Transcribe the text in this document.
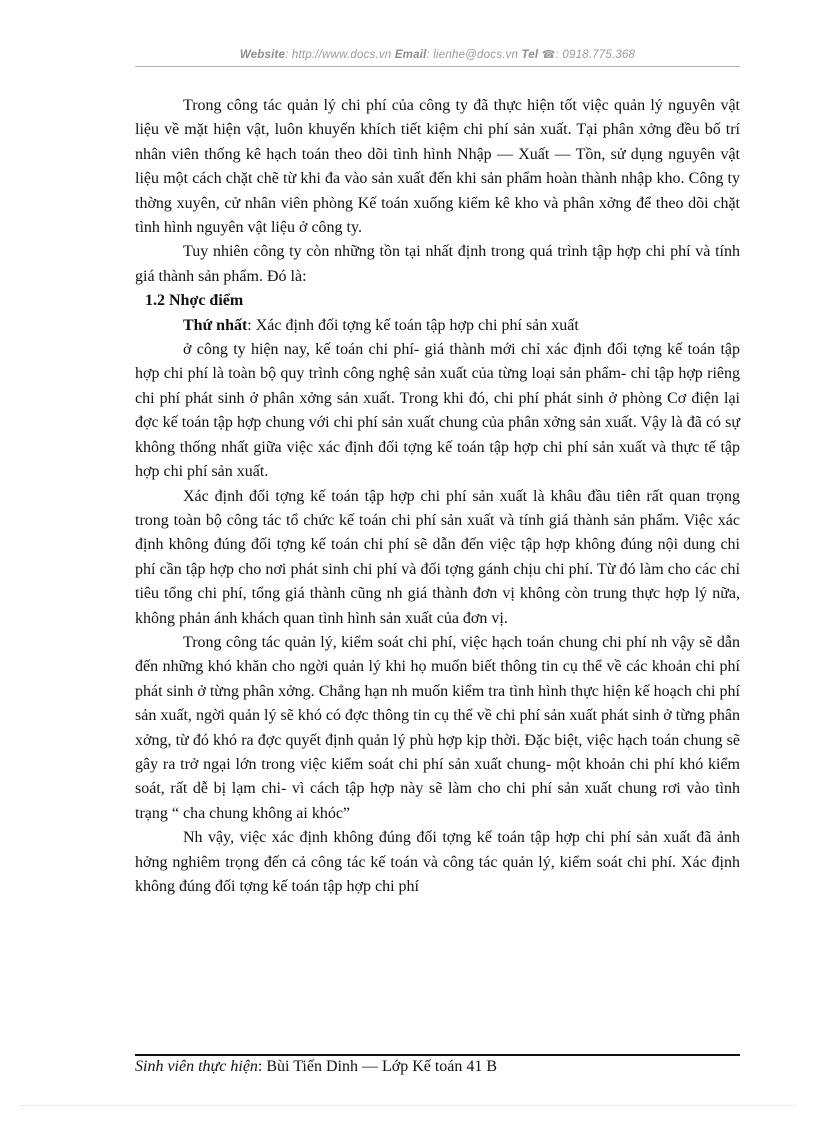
Website: http://www.docs.vn Email: lienhe@docs.vn Tel ☎: 0918.775.368

Trong công tác quản lý chi phí của công ty đã thực hiện tốt việc quản lý nguyên vật liệu về mặt hiện vật, luôn khuyến khích tiết kiệm chi phí sản xuất. Tại phân xởng đều bố trí nhân viên thống kê hạch toán theo dõi tình hình Nhập — Xuất — Tồn, sử dụng nguyên vật liệu một cách chặt chẽ từ khi đa vào sản xuất đến khi sản phẩm hoàn thành nhập kho. Công ty thờng xuyên, cử nhân viên phòng Kế toán xuống kiểm kê kho và phân xởng để theo dõi chặt tình hình nguyên vật liệu ở công ty.

Tuy nhiên công ty còn những tồn tại nhất định trong quá trình tập hợp chi phí và tính giá thành sản phẩm. Đó là:

1.2 Nhợc điểm

Thứ nhất: Xác định đối tợng kế toán tập hợp chi phí sản xuất

ở công ty hiện nay, kế toán chi phí- giá thành mới chỉ xác định đối tợng kế toán tập hợp chi phí là toàn bộ quy trình công nghệ sản xuất của từng loại sản phẩm- chỉ tập hợp riêng chi phí phát sinh ở phân xởng sản xuất. Trong khi đó, chi phí phát sinh ở phòng Cơ điện lại đợc kế toán tập hợp chung với chi phí sản xuất chung của phân xởng sản xuất. Vậy là đã có sự không thống nhất giữa việc xác định đối tợng kế toán tập hợp chi phí sản xuất và thực tế tập hợp chi phí sản xuất.

Xác định đối tợng kế toán tập hợp chi phí sản xuất là khâu đầu tiên rất quan trọng trong toàn bộ công tác tổ chức kế toán chi phí sản xuất và tính giá thành sản phẩm. Việc xác định không đúng đối tợng kế toán chi phí sẽ dẫn đến việc tập hợp không đúng nội dung chi phí cần tập hợp cho nơi phát sinh chi phí và đối tợng gánh chịu chi phí. Từ đó làm cho các chỉ tiêu tổng chi phí, tổng giá thành cũng nh giá thành đơn vị không còn trung thực hợp lý nữa, không phản ánh khách quan tình hình sản xuất của đơn vị.

Trong công tác quản lý, kiểm soát chi phí, việc hạch toán chung chi phí nh vậy sẽ dẫn đến những khó khăn cho ngời quản lý khi họ muốn biết thông tin cụ thể về các khoản chi phí phát sinh ở từng phân xởng. Chẳng hạn nh muốn kiểm tra tình hình thực hiện kế hoạch chi phí sản xuất, ngời quản lý sẽ khó có đợc thông tin cụ thể về chi phí sản xuất phát sinh ở từng phân xởng, từ đó khó ra đợc quyết định quản lý phù hợp kịp thời. Đặc biệt, việc hạch toán chung sẽ gây ra trở ngại lớn trong việc kiểm soát chi phí sản xuất chung- một khoản chi phí khó kiểm soát, rất dễ bị lạm chi- vì cách tập hợp này sẽ làm cho chi phí sản xuất chung rơi vào tình trạng “ cha chung không ai khóc”

Nh vậy, việc xác định không đúng đối tợng kế toán tập hợp chi phí sản xuất đã ảnh hởng nghiêm trọng đến cả công tác kế toán và công tác quản lý, kiểm soát chi phí. Xác định không đúng đối tợng kế toán tập hợp chi phí

Sinh viên thực hiện: Bùi Tiến Dinh — Lớp Kế toán 41 B
